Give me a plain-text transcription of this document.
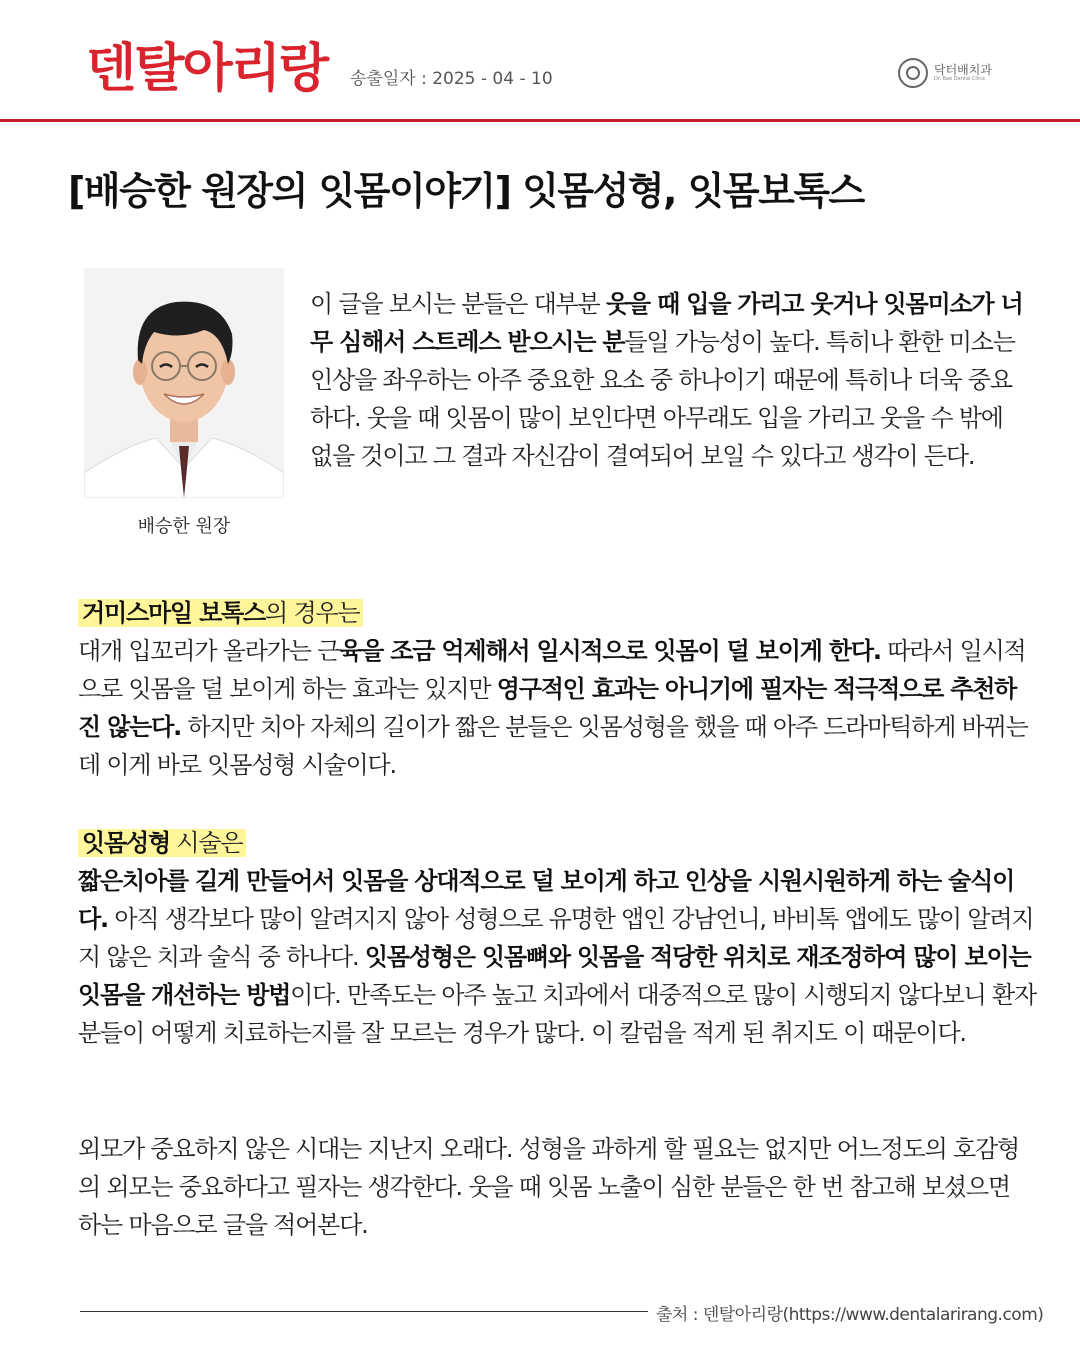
덴탈아리랑 송출일자 : 2025 - 04 - 10	닥터배치과
Dr. Bae Dental Clinic
[배승한 원장의 잇몸이야기] 잇몸성형, 잇몸보톡스
배승한 원장
이 글을 보시는 분들은 대부분 웃을 때 입을 가리고 웃거나 잇몸미소가 너무 심해서 스트레스 받으시는 분들일 가능성이 높다. 특히나 환한 미소는 인상을 좌우하는 아주 중요한 요소 중 하나이기 때문에 특히나 더욱 중요하다. 웃을 때 잇몸이 많이 보인다면 아무래도 입을 가리고 웃을 수 밖에 없을 것이고 그 결과 자신감이 결여되어 보일 수 있다고 생각이 든다.
거미스마일 보톡스의 경우는
대개 입꼬리가 올라가는 근육을 조금 억제해서 일시적으로 잇몸이 덜 보이게 한다. 따라서 일시적으로 잇몸을 덜 보이게 하는 효과는 있지만 영구적인 효과는 아니기에 필자는 적극적으로 추천하진 않는다. 하지만 치아 자체의 길이가 짧은 분들은 잇몸성형을 했을 때 아주 드라마틱하게 바뀌는데 이게 바로 잇몸성형 시술이다.
잇몸성형 시술은
짧은치아를 길게 만들어서 잇몸을 상대적으로 덜 보이게 하고 인상을 시원시원하게 하는 술식이다. 아직 생각보다 많이 알려지지 않아 성형으로 유명한 앱인 강남언니, 바비톡 앱에도 많이 알려지지 않은 치과 술식 중 하나다. 잇몸성형은 잇몸뼈와 잇몸을 적당한 위치로 재조정하여 많이 보이는 잇몸을 개선하는 방법이다. 만족도는 아주 높고 치과에서 대중적으로 많이 시행되지 않다보니 환자분들이 어떻게 치료하는지를 잘 모르는 경우가 많다. 이 칼럼을 적게 된 취지도 이 때문이다.
외모가 중요하지 않은 시대는 지난지 오래다. 성형을 과하게 할 필요는 없지만 어느정도의 호감형의 외모는 중요하다고 필자는 생각한다. 웃을 때 잇몸 노출이 심한 분들은 한 번 참고해 보셨으면 하는 마음으로 글을 적어본다.
출처 : 덴탈아리랑(https://www.dentalarirang.com)
